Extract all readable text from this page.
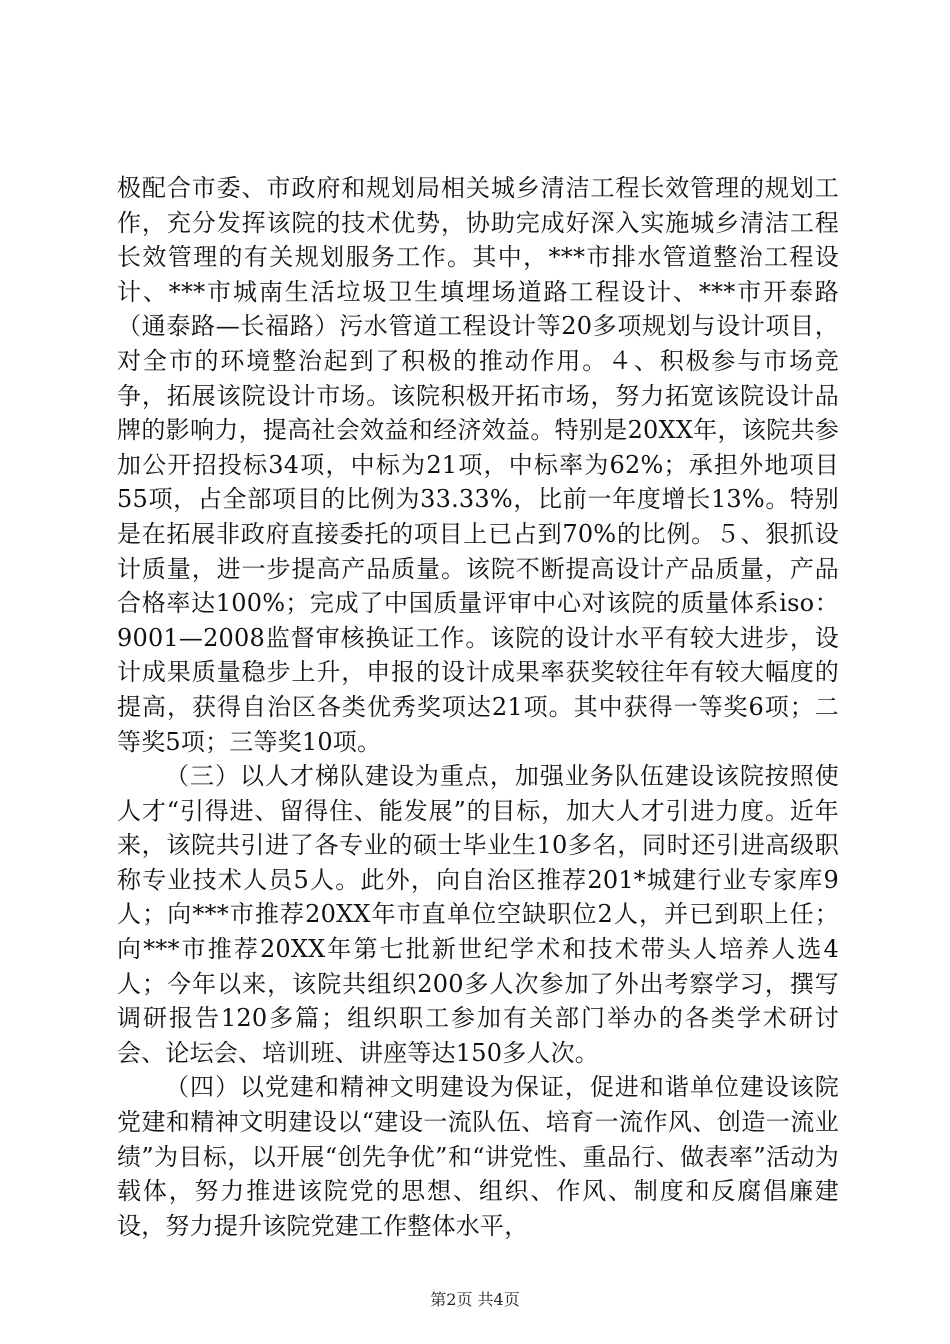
极配合市委、市政府和规划局相关城乡清洁工程长效管理的规划工作，充分发挥该院的技术优势，协助完成好深入实施城乡清洁工程长效管理的有关规划服务工作。其中，***市排水管道整治工程设计、***市城南生活垃圾卫生填埋场道路工程设计、***市开泰路（通泰路—长福路）污水管道工程设计等20多项规划与设计项目，对全市的环境整治起到了积极的推动作用。４、积极参与市场竞争，拓展该院设计市场。该院积极开拓市场，努力拓宽该院设计品牌的影响力，提高社会效益和经济效益。特别是20XX年，该院共参加公开招投标34项，中标为21项，中标率为62%；承担外地项目55项，占全部项目的比例为33.33%，比前一年度增长13%。特别是在拓展非政府直接委托的项目上已占到70%的比例。５、狠抓设计质量，进一步提高产品质量。该院不断提高设计产品质量，产品合格率达100%；完成了中国质量评审中心对该院的质量体系iso：9001—2008监督审核换证工作。该院的设计水平有较大进步，设计成果质量稳步上升，申报的设计成果率获奖较往年有较大幅度的提高，获得自治区各类优秀奖项达21项。其中获得一等奖6项；二等奖5项；三等奖10项。

（三）以人才梯队建设为重点，加强业务队伍建设该院按照使人才“引得进、留得住、能发展”的目标，加大人才引进力度。近年来，该院共引进了各专业的硕士毕业生10多名，同时还引进高级职称专业技术人员5人。此外，向自治区推荐201*城建行业专家库9人；向***市推荐20XX年市直单位空缺职位2人，并已到职上任；向***市推荐20XX年第七批新世纪学术和技术带头人培养人选4人；今年以来，该院共组织200多人次参加了外出考察学习，撰写调研报告120多篇；组织职工参加有关部门举办的各类学术研讨会、论坛会、培训班、讲座等达150多人次。

（四）以党建和精神文明建设为保证，促进和谐单位建设该院党建和精神文明建设以“建设一流队伍、培育一流作风、创造一流业绩”为目标，以开展“创先争优”和“讲党性、重品行、做表率”活动为载体，努力推进该院党的思想、组织、作风、制度和反腐倡廉建设，努力提升该院党建工作整体水平，

第2页 共4页
